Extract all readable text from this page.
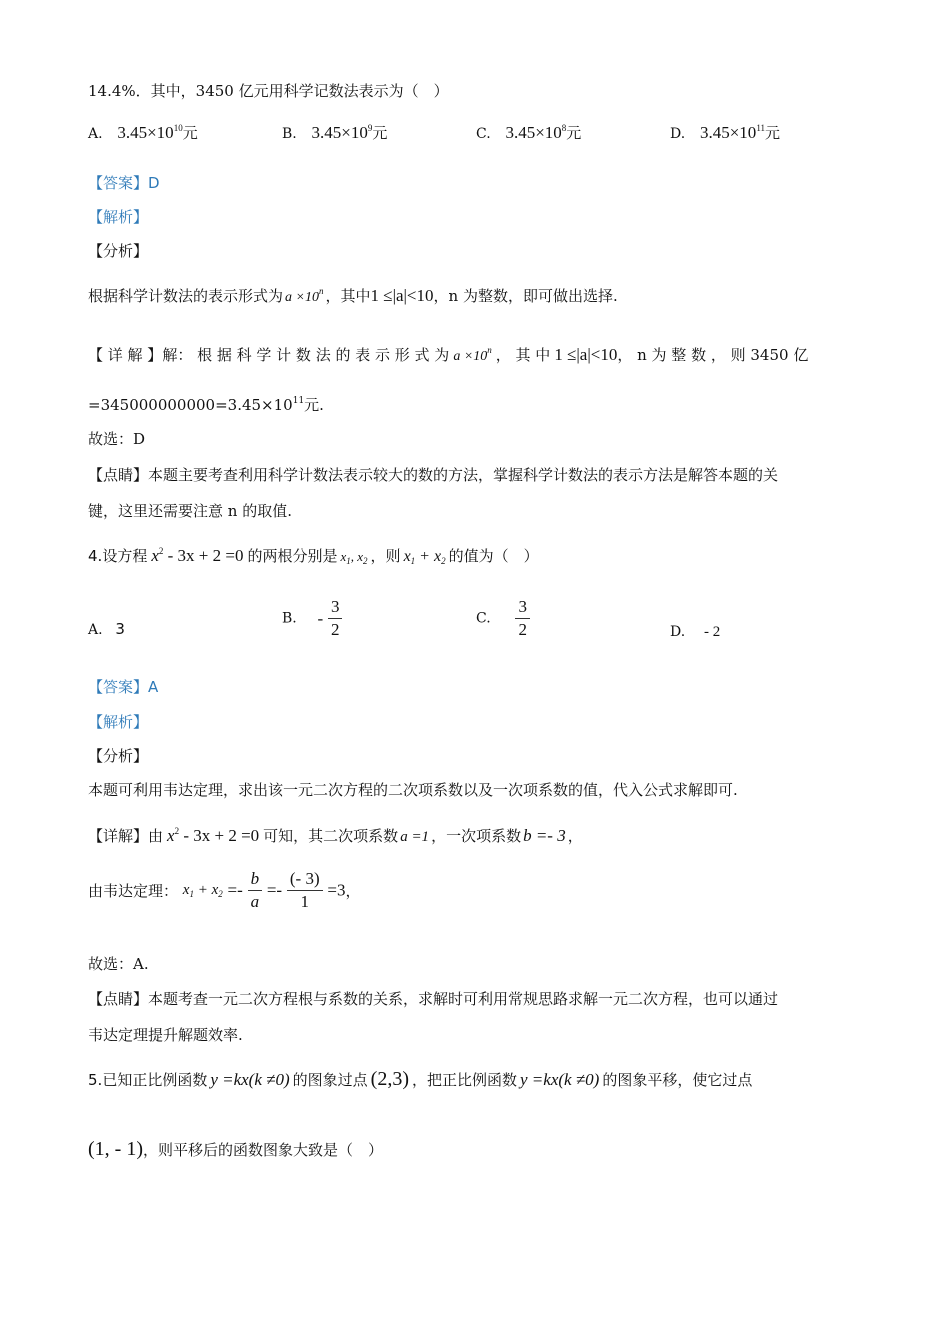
14.4%．其中，3450 亿元用科学记数法表示为（　）
A. $3.45\times 10^{10}$元	B. $3.45\times 10^9$元	C. $3.45\times 10^8$元	D. $3.45\times 10^{11}$元
【答案】D
【解析】
【分析】
根据科学计数法的表示形式为 $a \times 10^n$ ，其中1 ≤|a|<10，n 为整数，即可做出选择.
【 详 解 】解： 根 据 科 学 计 数 法 的 表 示 形 式 为 $a \times 10^n$ ， 其 中 1 ≤|a|<10， n 为 整 数 ， 则 3450 亿
$=345000000000=3.45\times 10^{11}$元.
故选：D
【点睛】本题主要考查利用科学计数法表示较大的数的方法，掌握科学计数法的表示方法是解答本题的关
键，这里还需要注意 n 的取值.
4.设方程 $x^2 - 3x + 2 =0$ 的两根分别是 $x_1$, $x_2$ ，则 $x_1 + x_2$ 的值为（　）
A. 3
B. - $\frac{3}{2}$	C. $\frac{3}{2}$	D. - 2
【答案】A
【解析】
【分析】
本题可利用韦达定理，求出该一元二次方程的二次项系数以及一次项系数的值，代入公式求解即可.
【详解】由 $x^2 - 3x + 2 =0$ 可知，其二次项系数 a =1 ，一次项系数 b =- 3 ，
由韦达定理： $x_1 + x_2 =- \frac{b}{a} =- \frac{(- 3)}{1} =3$，
故选：A.
【点睛】本题考查一元二次方程根与系数的关系，求解时可利用常规思路求解一元二次方程，也可以通过
韦达定理提升解题效率.
5.已知正比例函数 y =kx(k ≠0) 的图象过点 (2,3) ，把正比例函数 y =kx(k ≠0) 的图象平移，使它过点
(1, - 1)，则平移后的函数图象大致是（　）
